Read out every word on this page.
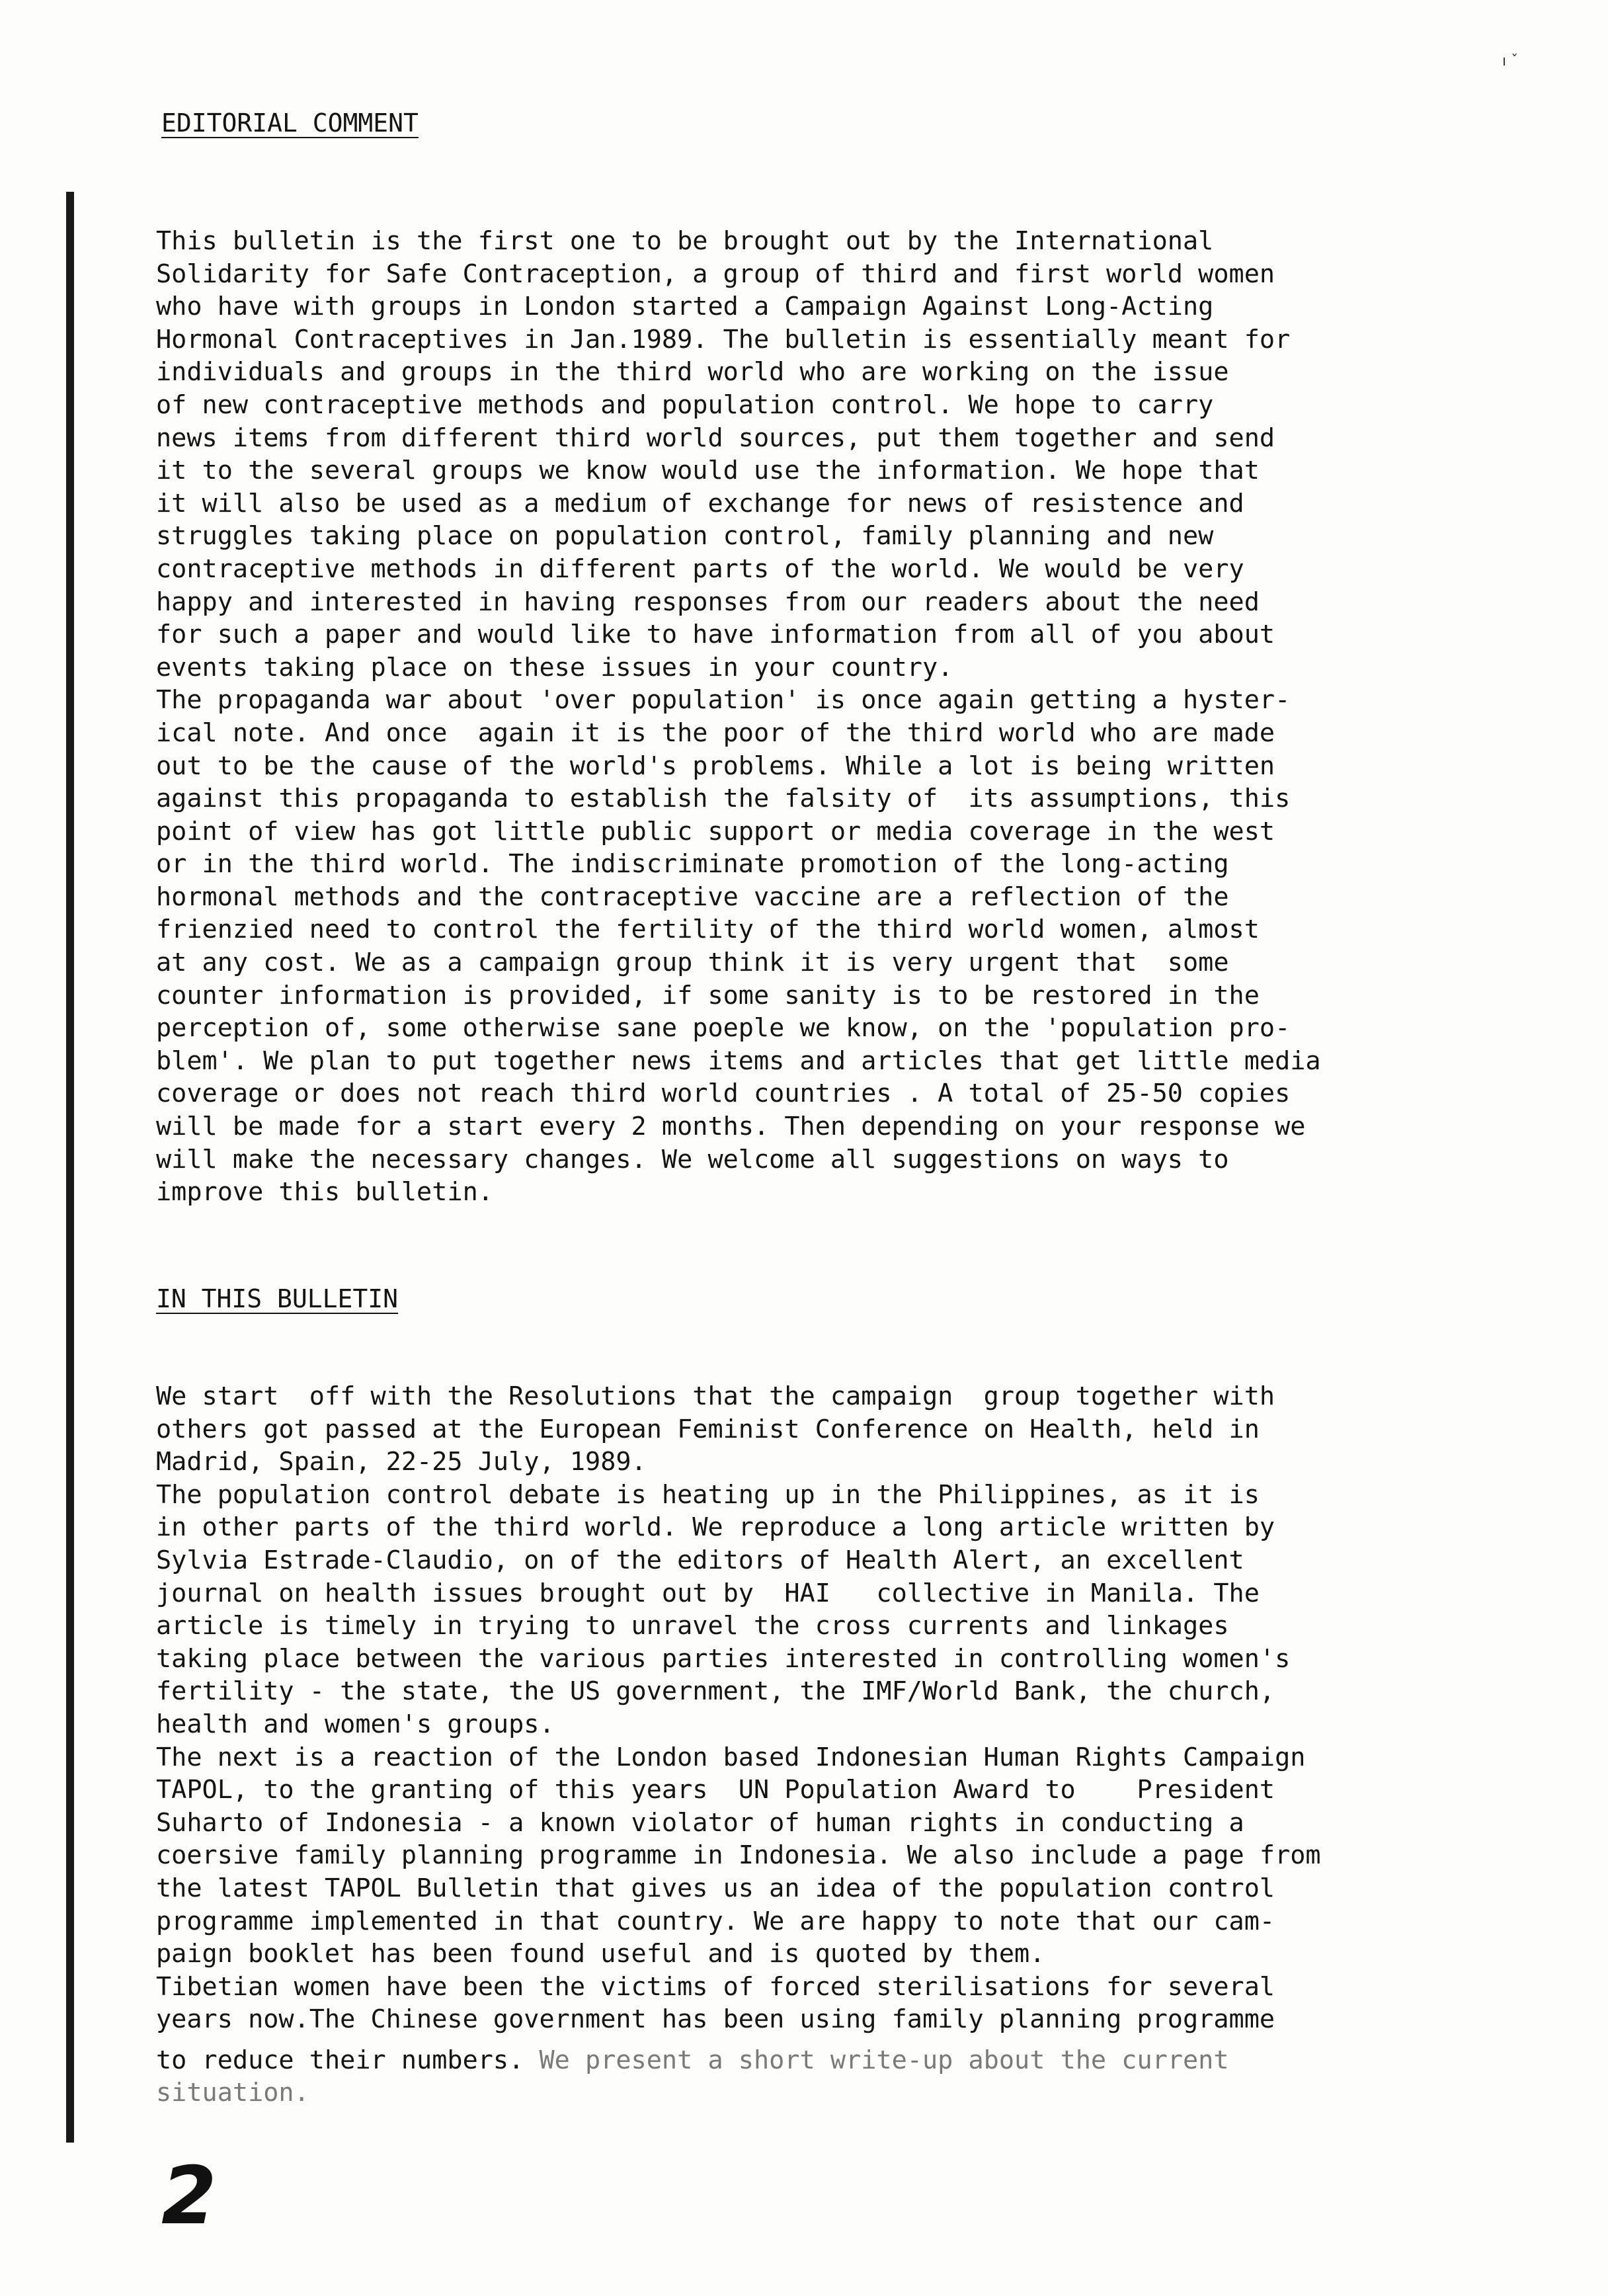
ı ˇ
EDITORIAL COMMENT
This bulletin is the first one to be brought out by the International
Solidarity for Safe Contraception, a group of third and first world women
who have with groups in London started a Campaign Against Long-Acting
Hormonal Contraceptives in Jan.1989. The bulletin is essentially meant for
individuals and groups in the third world who are working on the issue
of new contraceptive methods and population control. We hope to carry
news items from different third world sources, put them together and send
it to the several groups we know would use the information. We hope that
it will also be used as a medium of exchange for news of resistence and
struggles taking place on population control, family planning and new
contraceptive methods in different parts of the world. We would be very
happy and interested in having responses from our readers about the need
for such a paper and would like to have information from all of you about
events taking place on these issues in your country.
The propaganda war about 'over population' is once again getting a hyster-
ical note. And once  again it is the poor of the third world who are made
out to be the cause of the world's problems. While a lot is being written
against this propaganda to establish the falsity of  its assumptions, this
point of view has got little public support or media coverage in the west
or in the third world. The indiscriminate promotion of the long-acting
hormonal methods and the contraceptive vaccine are a reflection of the
frienzied need to control the fertility of the third world women, almost
at any cost. We as a campaign group think it is very urgent that  some
counter information is provided, if some sanity is to be restored in the
perception of, some otherwise sane poeple we know, on the 'population pro-
blem'. We plan to put together news items and articles that get little media
coverage or does not reach third world countries . A total of 25-50 copies
will be made for a start every 2 months. Then depending on your response we
will make the necessary changes. We welcome all suggestions on ways to
improve this bulletin.
IN THIS BULLETIN
We start  off with the Resolutions that the campaign  group together with
others got passed at the European Feminist Conference on Health, held in
Madrid, Spain, 22-25 July, 1989.
The population control debate is heating up in the Philippines, as it is
in other parts of the third world. We reproduce a long article written by
Sylvia Estrade-Claudio, on of the editors of Health Alert, an excellent
journal on health issues brought out by  HAI   collective in Manila. The
article is timely in trying to unravel the cross currents and linkages
taking place between the various parties interested in controlling women's
fertility - the state, the US government, the IMF/World Bank, the church,
health and women's groups.
The next is a reaction of the London based Indonesian Human Rights Campaign
TAPOL, to the granting of this years  UN Population Award to    President
Suharto of Indonesia - a known violator of human rights in conducting a
coersive family planning programme in Indonesia. We also include a page from
the latest TAPOL Bulletin that gives us an idea of the population control
programme implemented in that country. We are happy to note that our cam-
paign booklet has been found useful and is quoted by them.
Tibetian women have been the victims of forced sterilisations for several
years now.The Chinese government has been using family planning programme
to reduce their numbers. We present a short write-up about the current
situation.
2
